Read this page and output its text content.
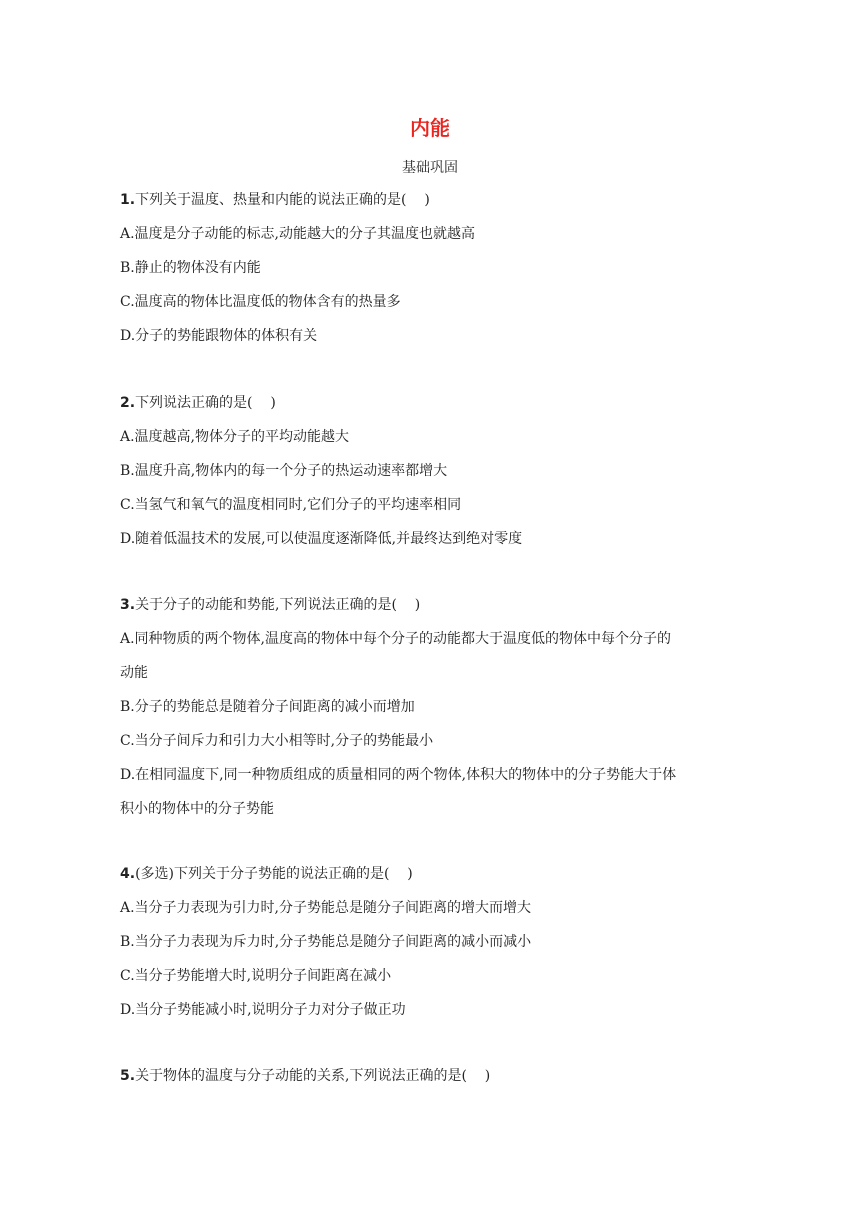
内能
基础巩固
1.下列关于温度、热量和内能的说法正确的是(    )
A.温度是分子动能的标志,动能越大的分子其温度也就越高
B.静止的物体没有内能
C.温度高的物体比温度低的物体含有的热量多
D.分子的势能跟物体的体积有关
2.下列说法正确的是(    )
A.温度越高,物体分子的平均动能越大
B.温度升高,物体内的每一个分子的热运动速率都增大
C.当氢气和氧气的温度相同时,它们分子的平均速率相同
D.随着低温技术的发展,可以使温度逐渐降低,并最终达到绝对零度
3.关于分子的动能和势能,下列说法正确的是(    )
A.同种物质的两个物体,温度高的物体中每个分子的动能都大于温度低的物体中每个分子的
动能
B.分子的势能总是随着分子间距离的减小而增加
C.当分子间斥力和引力大小相等时,分子的势能最小
D.在相同温度下,同一种物质组成的质量相同的两个物体,体积大的物体中的分子势能大于体
积小的物体中的分子势能
4.(多选)下列关于分子势能的说法正确的是(    )
A.当分子力表现为引力时,分子势能总是随分子间距离的增大而增大
B.当分子力表现为斥力时,分子势能总是随分子间距离的减小而减小
C.当分子势能增大时,说明分子间距离在减小
D.当分子势能减小时,说明分子力对分子做正功
5.关于物体的温度与分子动能的关系,下列说法正确的是(    )
